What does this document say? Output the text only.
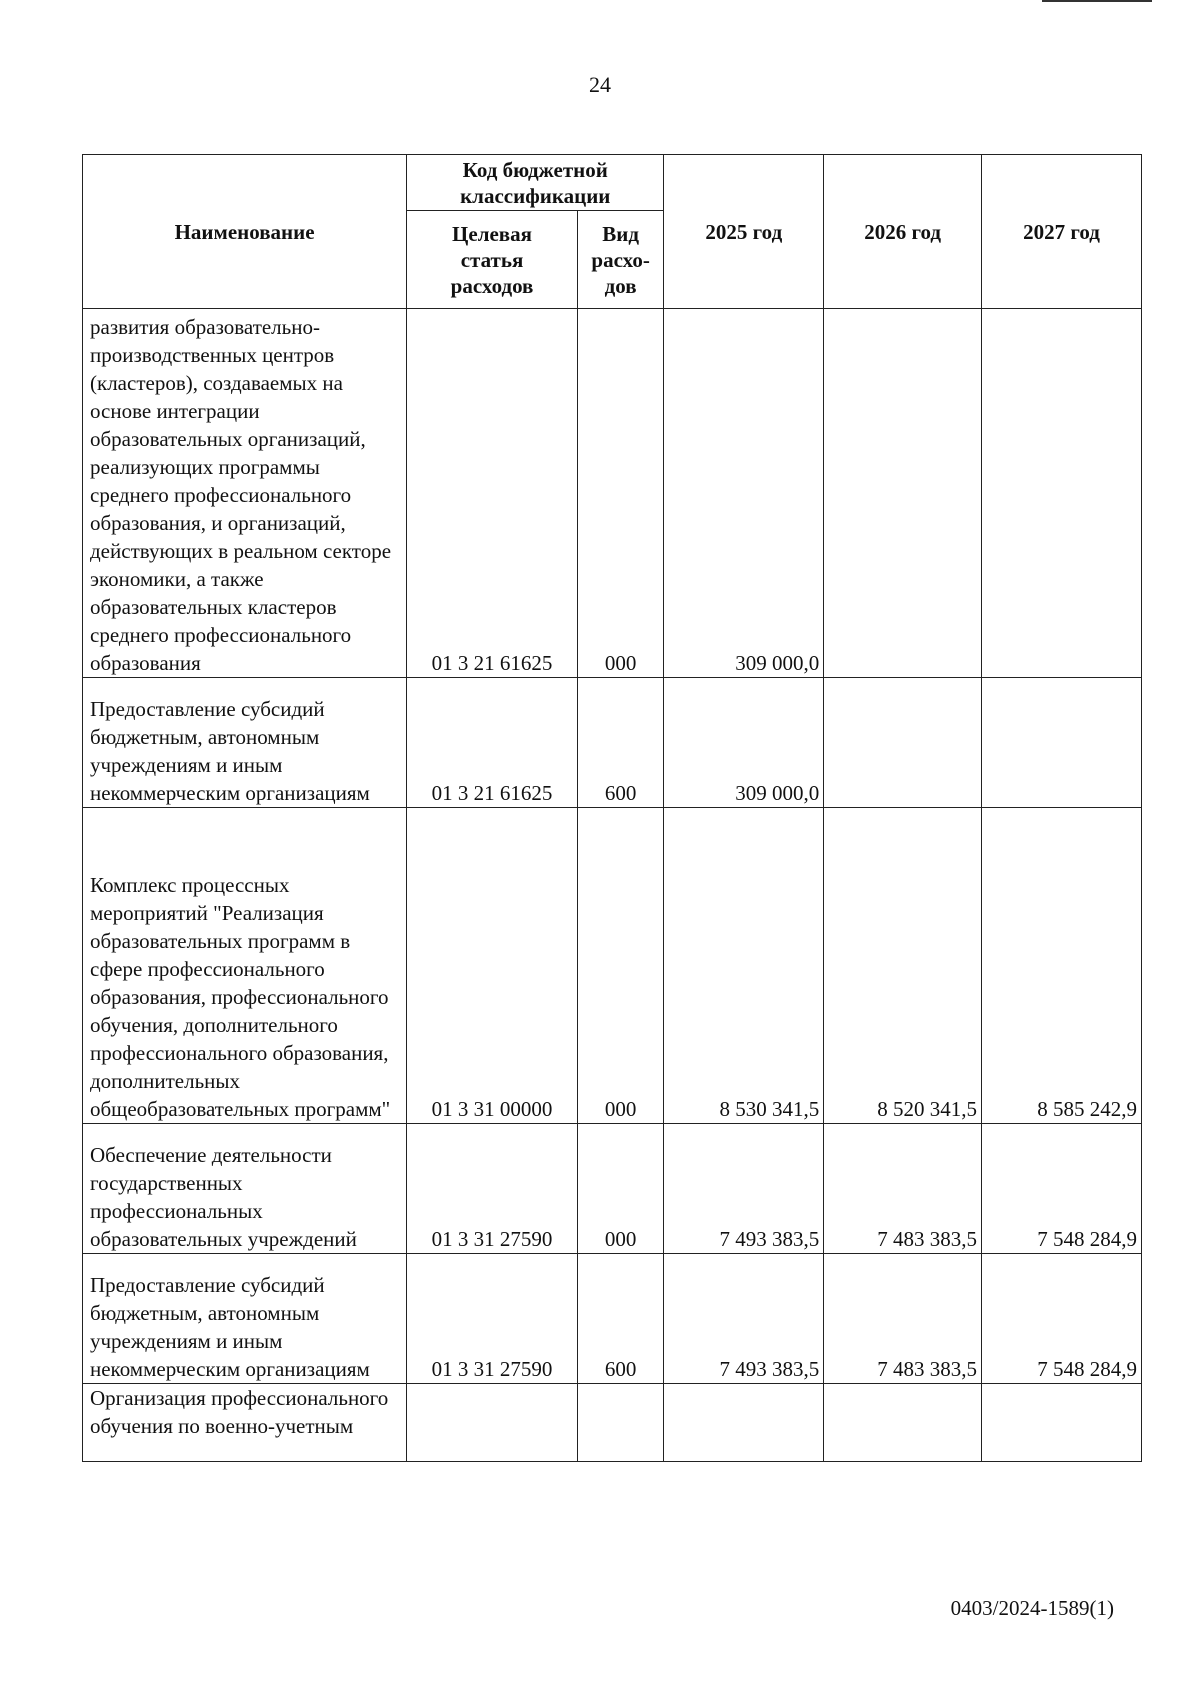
24
Наименование	Код бюджетной классификации		2025 год	2026 год	2027 год
	Целевая статья расходов	Вид расхо-дов			
развития образовательно-производственных центров (кластеров), создаваемых на основе интеграции образовательных организаций, реализующих программы среднего профессионального образования, и организаций, действующих в реальном секторе экономики, а также образовательных кластеров среднего профессионального образования	01 3 21 61625	000	309 000,0		
Предоставление субсидий бюджетным, автономным учреждениям и иным некоммерческим организациям	01 3 21 61625	600	309 000,0		
Комплекс процессных мероприятий "Реализация образовательных программ в сфере профессионального образования, профессионального обучения, дополнительного профессионального образования, дополнительных общеобразовательных программ"	01 3 31 00000	000	8 530 341,5	8 520 341,5	8 585 242,9
Обеспечение деятельности государственных профессиональных образовательных учреждений	01 3 31 27590	000	7 493 383,5	7 483 383,5	7 548 284,9
Предоставление субсидий бюджетным, автономным учреждениям и иным некоммерческим организациям	01 3 31 27590	600	7 493 383,5	7 483 383,5	7 548 284,9
Организация профессионального обучения по военно-учетным					
0403/2024-1589(1)
